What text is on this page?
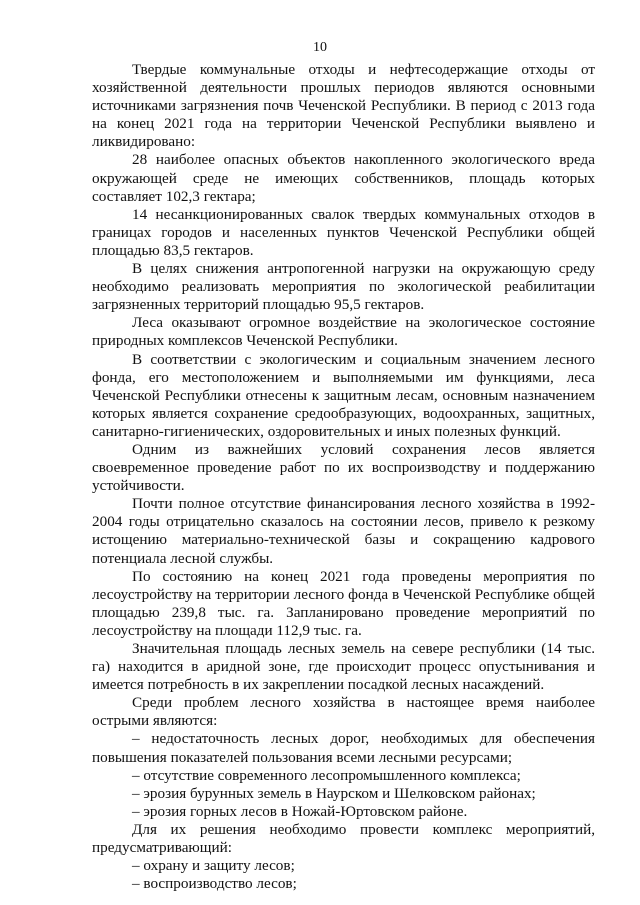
10

Твердые коммунальные отходы и нефтесодержащие отходы от хозяйственной деятельности прошлых периодов являются основными источниками загрязнения почв Чеченской Республики. В период с 2013 года на конец 2021 года на территории Чеченской Республики выявлено и ликвидировано:

28 наиболее опасных объектов накопленного экологического вреда окружающей среде не имеющих собственников, площадь которых составляет 102,3 гектара;

14 несанкционированных свалок твердых коммунальных отходов в границах городов и населенных пунктов Чеченской Республики общей площадью 83,5 гектаров.

В целях снижения антропогенной нагрузки на окружающую среду необходимо реализовать мероприятия по экологической реабилитации загрязненных территорий площадью 95,5 гектаров.

Леса оказывают огромное воздействие на экологическое состояние природных комплексов Чеченской Республики.

В соответствии с экологическим и социальным значением лесного фонда, его местоположением и выполняемыми им функциями, леса Чеченской Республики отнесены к защитным лесам, основным назначением которых является сохранение средообразующих, водоохранных, защитных, санитарно-гигиенических, оздоровительных и иных полезных функций.

Одним из важнейших условий сохранения лесов является своевременное проведение работ по их воспроизводству и поддержанию устойчивости.

Почти полное отсутствие финансирования лесного хозяйства в 1992-2004 годы отрицательно сказалось на состоянии лесов, привело к резкому истощению материально-технической базы и сокращению кадрового потенциала лесной службы.

По состоянию на конец 2021 года проведены мероприятия по лесоустройству на территории лесного фонда в Чеченской Республике общей площадью 239,8 тыс. га. Запланировано проведение мероприятий по лесоустройству на площади 112,9 тыс. га.

Значительная площадь лесных земель на севере республики (14 тыс. га) находится в аридной зоне, где происходит процесс опустынивания и имеется потребность в их закреплении посадкой лесных насаждений.

Среди проблем лесного хозяйства в настоящее время наиболее острыми являются:

– недостаточность лесных дорог, необходимых для обеспечения повышения показателей пользования всеми лесными ресурсами;

– отсутствие современного лесопромышленного комплекса;

– эрозия бурунных земель в Наурском и Шелковском районах;

– эрозия горных лесов в Ножай-Юртовском районе.

Для их решения необходимо провести комплекс мероприятий, предусматривающий:

– охрану и защиту лесов;

– воспроизводство лесов;
